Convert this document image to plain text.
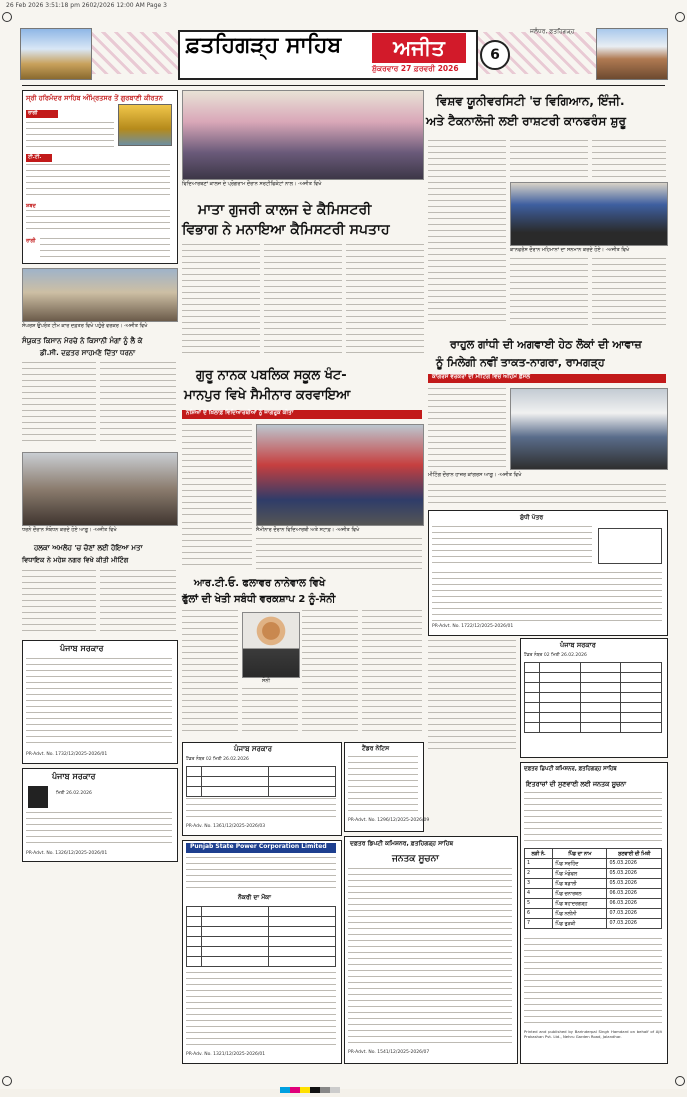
26 Feb 2026 3:51:18 pm 2602/2026 12:00 AM Page 3
ਫ਼ਤਹਿਗੜ੍ਹ ਸਾਹਿਬ	ਅਜੀਤ
ਸ਼ੁੱਕਰਵਾਰ 27 ਫ਼ਰਵਰੀ 2026
6
ਜਲੰਧਰ, ਫ਼ਤਹਿਗੜ੍ਹ
ਸ੍ਰੀ ਹਰਿਮੰਦਰ ਸਾਹਿਬ ਅੰਮ੍ਰਿਤਸਰ ਤੋਂ ਗੁਰਬਾਣੀ ਕੀਰਤਨ
ਰਾਗੀ
ਟੀ.ਟੀ.
ਸ਼ਬਦ
ਰਾਗੀ
ਸੰਘਰਸ਼ ਉਪਰੰਤ ਟੀਮ ਕਾਰ ਦਫ਼ਤਰ ਵਿਖੇ ਪਹੁੰਚੇ ਵਰਕਰ। -ਅਜੀਤ ਵਿਖੇ
ਸੰਯੁਕਤ ਕਿਸਾਨ ਮੋਰਚੇ ਨੇ ਕਿਸਾਨੀ ਮੰਗਾਂ ਨੂੰ ਲੈ ਕੇ
ਡੀ.ਸੀ. ਦਫ਼ਤਰ ਸਾਹਮਣੇ ਦਿੱਤਾ ਧਰਨਾ
ਧਰਨੇ ਦੌਰਾਨ ਸੰਬੋਧਨ ਕਰਦੇ ਹੋਏ ਆਗੂ। -ਅਜੀਤ ਵਿਖੇ
ਹਲਕਾ ਅਮਲੋਹ 'ਚ ਚੋਣਾਂ ਲਈ ਹੋਇਆ ਮਤਾ
ਵਿਧਾਇਕ ਨੇ ਮਹੇਸ਼ ਨਗਰ ਵਿਖੇ ਕੀਤੀ ਮੀਟਿੰਗ
ਪੰਜਾਬ ਸਰਕਾਰ
PR-Advt. No. 1732/12/2025-2026/01
ਪੰਜਾਬ ਸਰਕਾਰ
ਮਿਤੀ 26.02.2026
PR-Advt. No. 1326/12/2025-2026/01
ਵਿਦਿਆਰਥਣਾਂ ਕਾਲਜ ਦੇ ਪ੍ਰੋਗਰਾਮ ਦੌਰਾਨ ਸਰਟੀਫਿਕੇਟਾਂ ਨਾਲ। -ਅਜੀਤ ਵਿਖੇ
ਮਾਤਾ ਗੁਜਰੀ ਕਾਲਜ ਦੇ ਕੈਮਿਸਟਰੀ
ਵਿਭਾਗ ਨੇ ਮਨਾਇਆ ਕੈਮਿਸਟਰੀ ਸਪਤਾਹ
ਗੁਰੂ ਨਾਨਕ ਪਬਲਿਕ ਸਕੂਲ ਖੰਟ-
ਮਾਨਪੁਰ ਵਿਖੇ ਸੈਮੀਨਾਰ ਕਰਵਾਇਆ
ਨਸ਼ਿਆਂ ਦੇ ਖ਼ਿਲਾਫ਼ ਵਿਦਿਆਰਥੀਆਂ ਨੂੰ ਜਾਗਰੂਕ ਕੀਤਾ
ਸੈਮੀਨਾਰ ਦੌਰਾਨ ਵਿਦਿਆਰਥੀ ਅਤੇ ਸਟਾਫ਼। -ਅਜੀਤ ਵਿਖੇ
ਆਰ.ਟੀ.ਓ. ਫਲਾਵਰ ਨਾਨੇਵਾਲ ਵਿਖੇ
ਫੁੱਲਾਂ ਦੀ ਖੇਤੀ ਸਬੰਧੀ ਵਰਕਸ਼ਾਪ 2 ਨੂੰ-ਸੋਨੀ
ਸੋਨੀ
ਪੰਜਾਬ ਸਰਕਾਰ
ਟੈਂਡਰ ਨੰਬਰ 02 ਮਿਤੀ 26.02.2026

PR-Adv. No. 1361/12/2025-2026/03
Punjab State Power Corporation Limited
ਨੌਕਰੀ ਦਾ ਮੌਕਾ

PR-Adv. No. 1321/12/2025-2026/01
ਟੈਂਡਰ ਨੋਟਿਸ
PR-Advt. No. 1296/12/2025-2026/09
ਦਫ਼ਤਰ ਡਿਪਟੀ ਕਮਿਸ਼ਨਰ, ਫ਼ਤਹਿਗੜ੍ਹ ਸਾਹਿਬ
ਜਨਤਕ ਸੂਚਨਾ
PR-Advt. No. 1541/12/2025-2026/07
ਵਿਸ਼ਵ ਯੂਨੀਵਰਸਿਟੀ 'ਚ ਵਿਗਿਆਨ, ਇੰਜੀ.
ਅਤੇ ਟੈਕਨਾਲੋਜੀ ਲਈ ਰਾਸ਼ਟਰੀ ਕਾਨਫਰੰਸ ਸ਼ੁਰੂ
ਕਾਨਫਰੰਸ ਦੌਰਾਨ ਮਹਿਮਾਨਾਂ ਦਾ ਸਨਮਾਨ ਕਰਦੇ ਹੋਏ। -ਅਜੀਤ ਵਿਖੇ
ਰਾਹੁਲ ਗਾਂਧੀ ਦੀ ਅਗਵਾਈ ਹੇਠ ਲੋਕਾਂ ਦੀ ਆਵਾਜ਼
ਨੂੰ ਮਿਲੇਗੀ ਨਵੀਂ ਤਾਕਤ-ਨਾਗਰਾ, ਰਾਮਗੜ੍ਹ
ਕਾਂਗਰਸ ਵਰਕਰਾਂ ਦੀ ਮੀਟਿੰਗ ਵਿਚ ਅਹਿਮ ਫ਼ੈਸਲੇ
ਮੀਟਿੰਗ ਦੌਰਾਨ ਹਾਜ਼ਰ ਕਾਂਗਰਸ ਆਗੂ। -ਅਜੀਤ ਵਿਖੇ
ਸ਼ੁੱਧੀ ਪੱਤਰ
PR-Advt. No. 1722/12/2025-2026/01
ਪੰਜਾਬ ਸਰਕਾਰ
ਟੈਂਡਰ ਨੰਬਰ 02 ਮਿਤੀ 26.02.2026

ਦਫ਼ਤਰ ਡਿਪਟੀ ਕਮਿਸ਼ਨਰ, ਫ਼ਤਹਿਗੜ੍ਹ ਸਾਹਿਬ
ਇਤਰਾਜ਼ਾਂ ਦੀ ਸੁਣਵਾਈ ਲਈ ਜਨਤਕ ਸੂਚਨਾ
ਲੜੀ ਨੰ.	ਪਿੰਡ ਦਾ ਨਾਮ	ਸੁਣਵਾਈ ਦੀ ਮਿਤੀ
1	ਪਿੰਡ ਸਰਹਿੰਦ	05.03.2026
2	ਪਿੰਡ ਮੰਡੋਫਲ	05.03.2026
3	ਪਿੰਡ ਬਡਾਲੀ	05.03.2026
4	ਪਿੰਡ ਚਨਾਰਥਲ	06.03.2026
5	ਪਿੰਡ ਬਹਾਦਰਗੜ੍ਹ	06.03.2026
6	ਪਿੰਡ ਨਲੀਨੀ	07.03.2026
7	ਪਿੰਡ ਰੁੜਕੀ	07.03.2026
Printed and published by Barinderpal Singh Hamdard on behalf of Ajit Prakashan Pvt. Ltd., Nehru Garden Road, Jalandhar.
